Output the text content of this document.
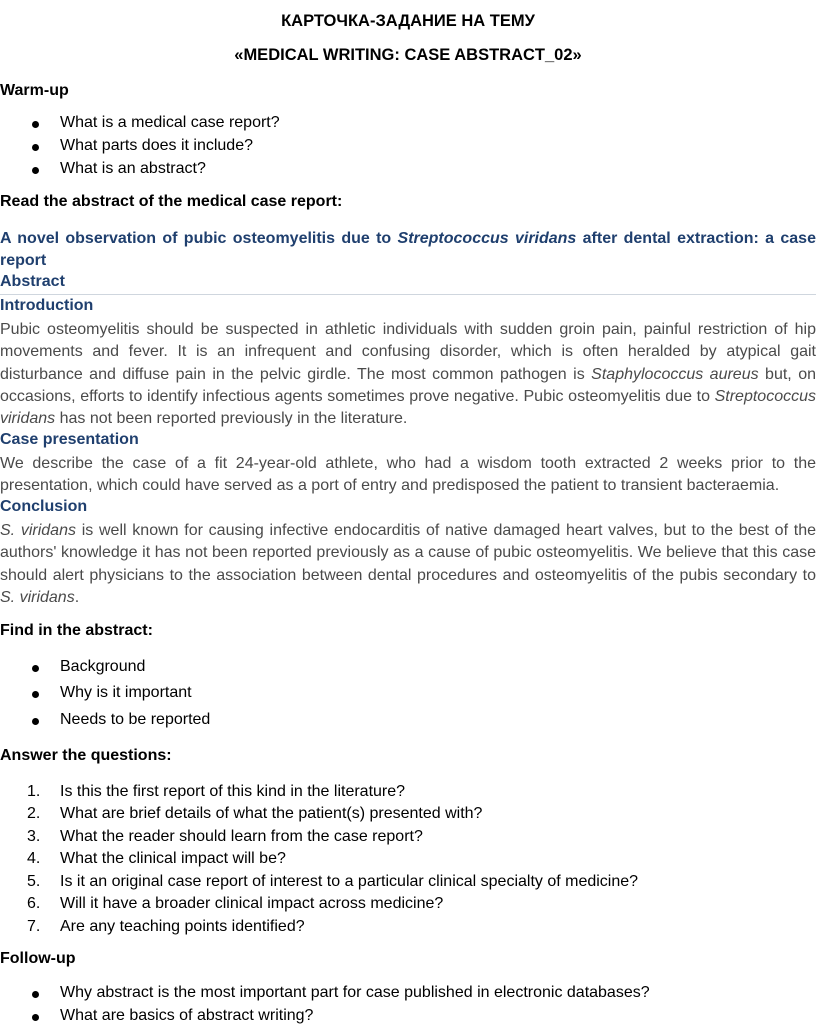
КАРТОЧКА-ЗАДАНИЕ НА ТЕМУ
«MEDICAL WRITING: CASE ABSTRACT_02»
Warm-up
What is a medical case report?
What parts does it include?
What is an abstract?
Read the abstract of the medical case report:
A novel observation of pubic osteomyelitis due to Streptococcus viridans after dental extraction: a case report
Abstract
Introduction
Pubic osteomyelitis should be suspected in athletic individuals with sudden groin pain, painful restriction of hip movements and fever. It is an infrequent and confusing disorder, which is often heralded by atypical gait disturbance and diffuse pain in the pelvic girdle. The most common pathogen is Staphylococcus aureus but, on occasions, efforts to identify infectious agents sometimes prove negative. Pubic osteomyelitis due to Streptococcus viridans has not been reported previously in the literature.
Case presentation
We describe the case of a fit 24-year-old athlete, who had a wisdom tooth extracted 2 weeks prior to the presentation, which could have served as a port of entry and predisposed the patient to transient bacteraemia.
Conclusion
S. viridans is well known for causing infective endocarditis of native damaged heart valves, but to the best of the authors' knowledge it has not been reported previously as a cause of pubic osteomyelitis. We believe that this case should alert physicians to the association between dental procedures and osteomyelitis of the pubis secondary to S. viridans.
Find in the abstract:
Background
Why is it important
Needs to be reported
Answer the questions:
1. Is this the first report of this kind in the literature?
2. What are brief details of what the patient(s) presented with?
3. What the reader should learn from the case report?
4. What the clinical impact will be?
5. Is it an original case report of interest to a particular clinical specialty of medicine?
6. Will it have a broader clinical impact across medicine?
7. Are any teaching points identified?
Follow-up
Why abstract is the most important part for case published in electronic databases?
What are basics of abstract writing?
